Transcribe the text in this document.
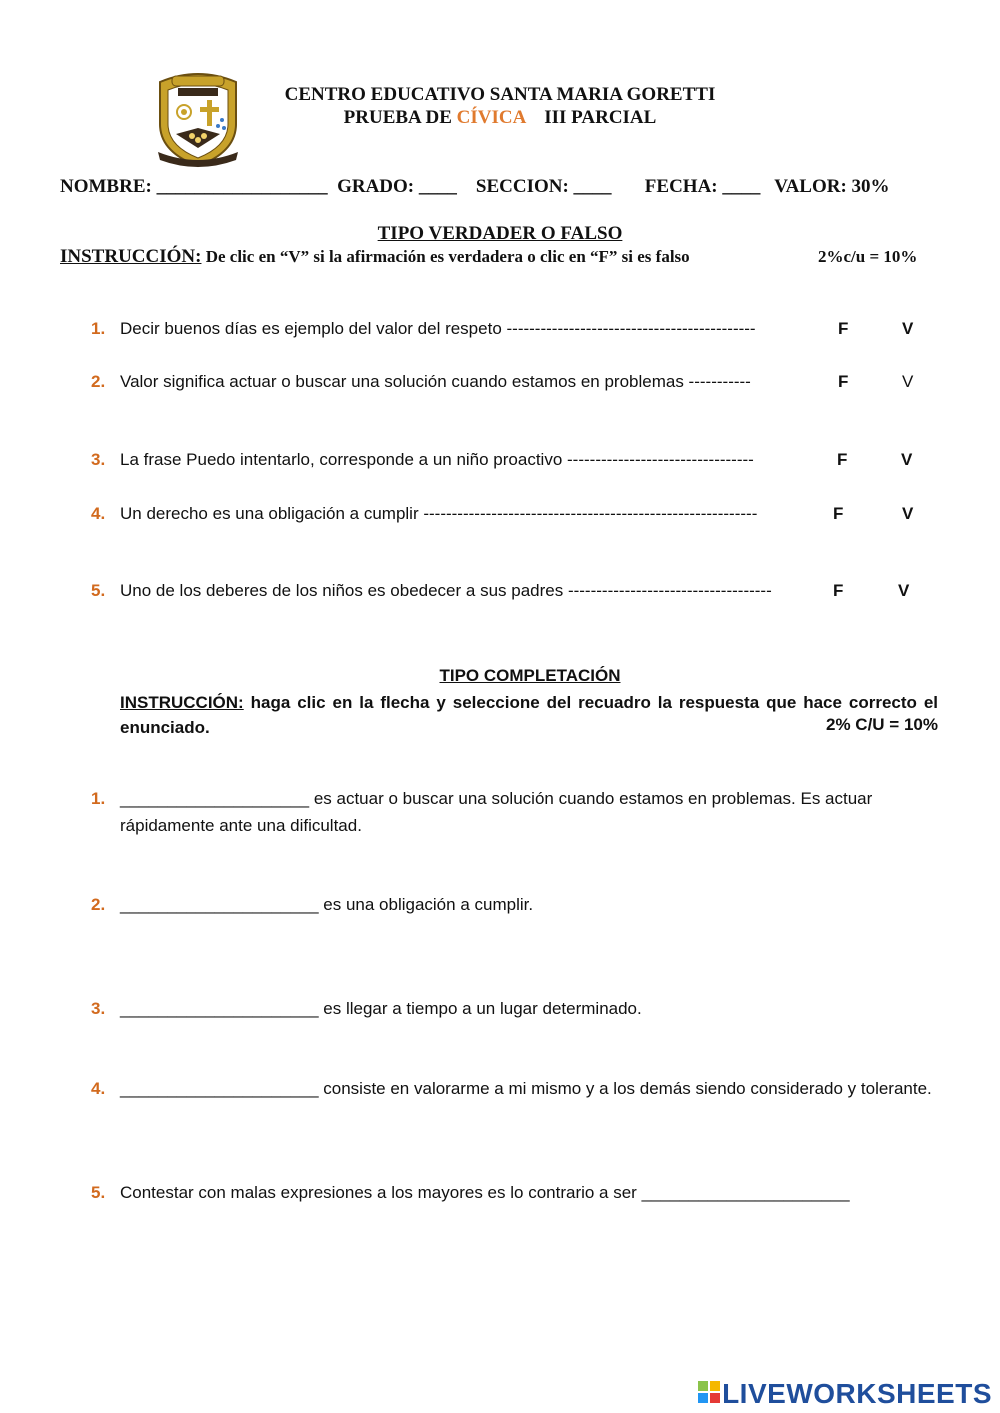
CENTRO EDUCATIVO SANTA MARIA GORETTI
PRUEBA DE CÍVICA III PARCIAL
NOMBRE: __________________ GRADO: ____ SECCION: ____ FECHA: ____ VALOR: 30%
TIPO VERDADER O FALSO
INSTRUCCIÓN: De clic en “V” si la afirmación es verdadera o clic en “F” si es falso	2%c/u = 10%
1. Decir buenos días es ejemplo del valor del respeto --------------------------------------------	F	V
2. Valor significa actuar o buscar una solución cuando estamos en problemas -----------	F	V
3. La frase Puedo intentarlo, corresponde a un niño proactivo ---------------------------------	F	V
4. Un derecho es una obligación a cumplir -----------------------------------------------------------	F	V
5. Uno de los deberes de los niños es obedecer a sus padres ------------------------------------	F	V
TIPO COMPLETACIÓN
INSTRUCCIÓN: haga clic en la flecha y seleccione del recuadro la respuesta que hace correcto el enunciado.	2% C/U = 10%
1. ____________________ es actuar o buscar una solución cuando estamos en problemas. Es actuar rápidamente ante una dificultad.
2. _____________________ es una obligación a cumplir.
3. _____________________ es llegar a tiempo a un lugar determinado.
4. _____________________ consiste en valorarme a mi mismo y a los demás siendo considerado y tolerante.
5. Contestar con malas expresiones a los mayores es lo contrario a ser ______________________
LIVEWORKSHEETS
